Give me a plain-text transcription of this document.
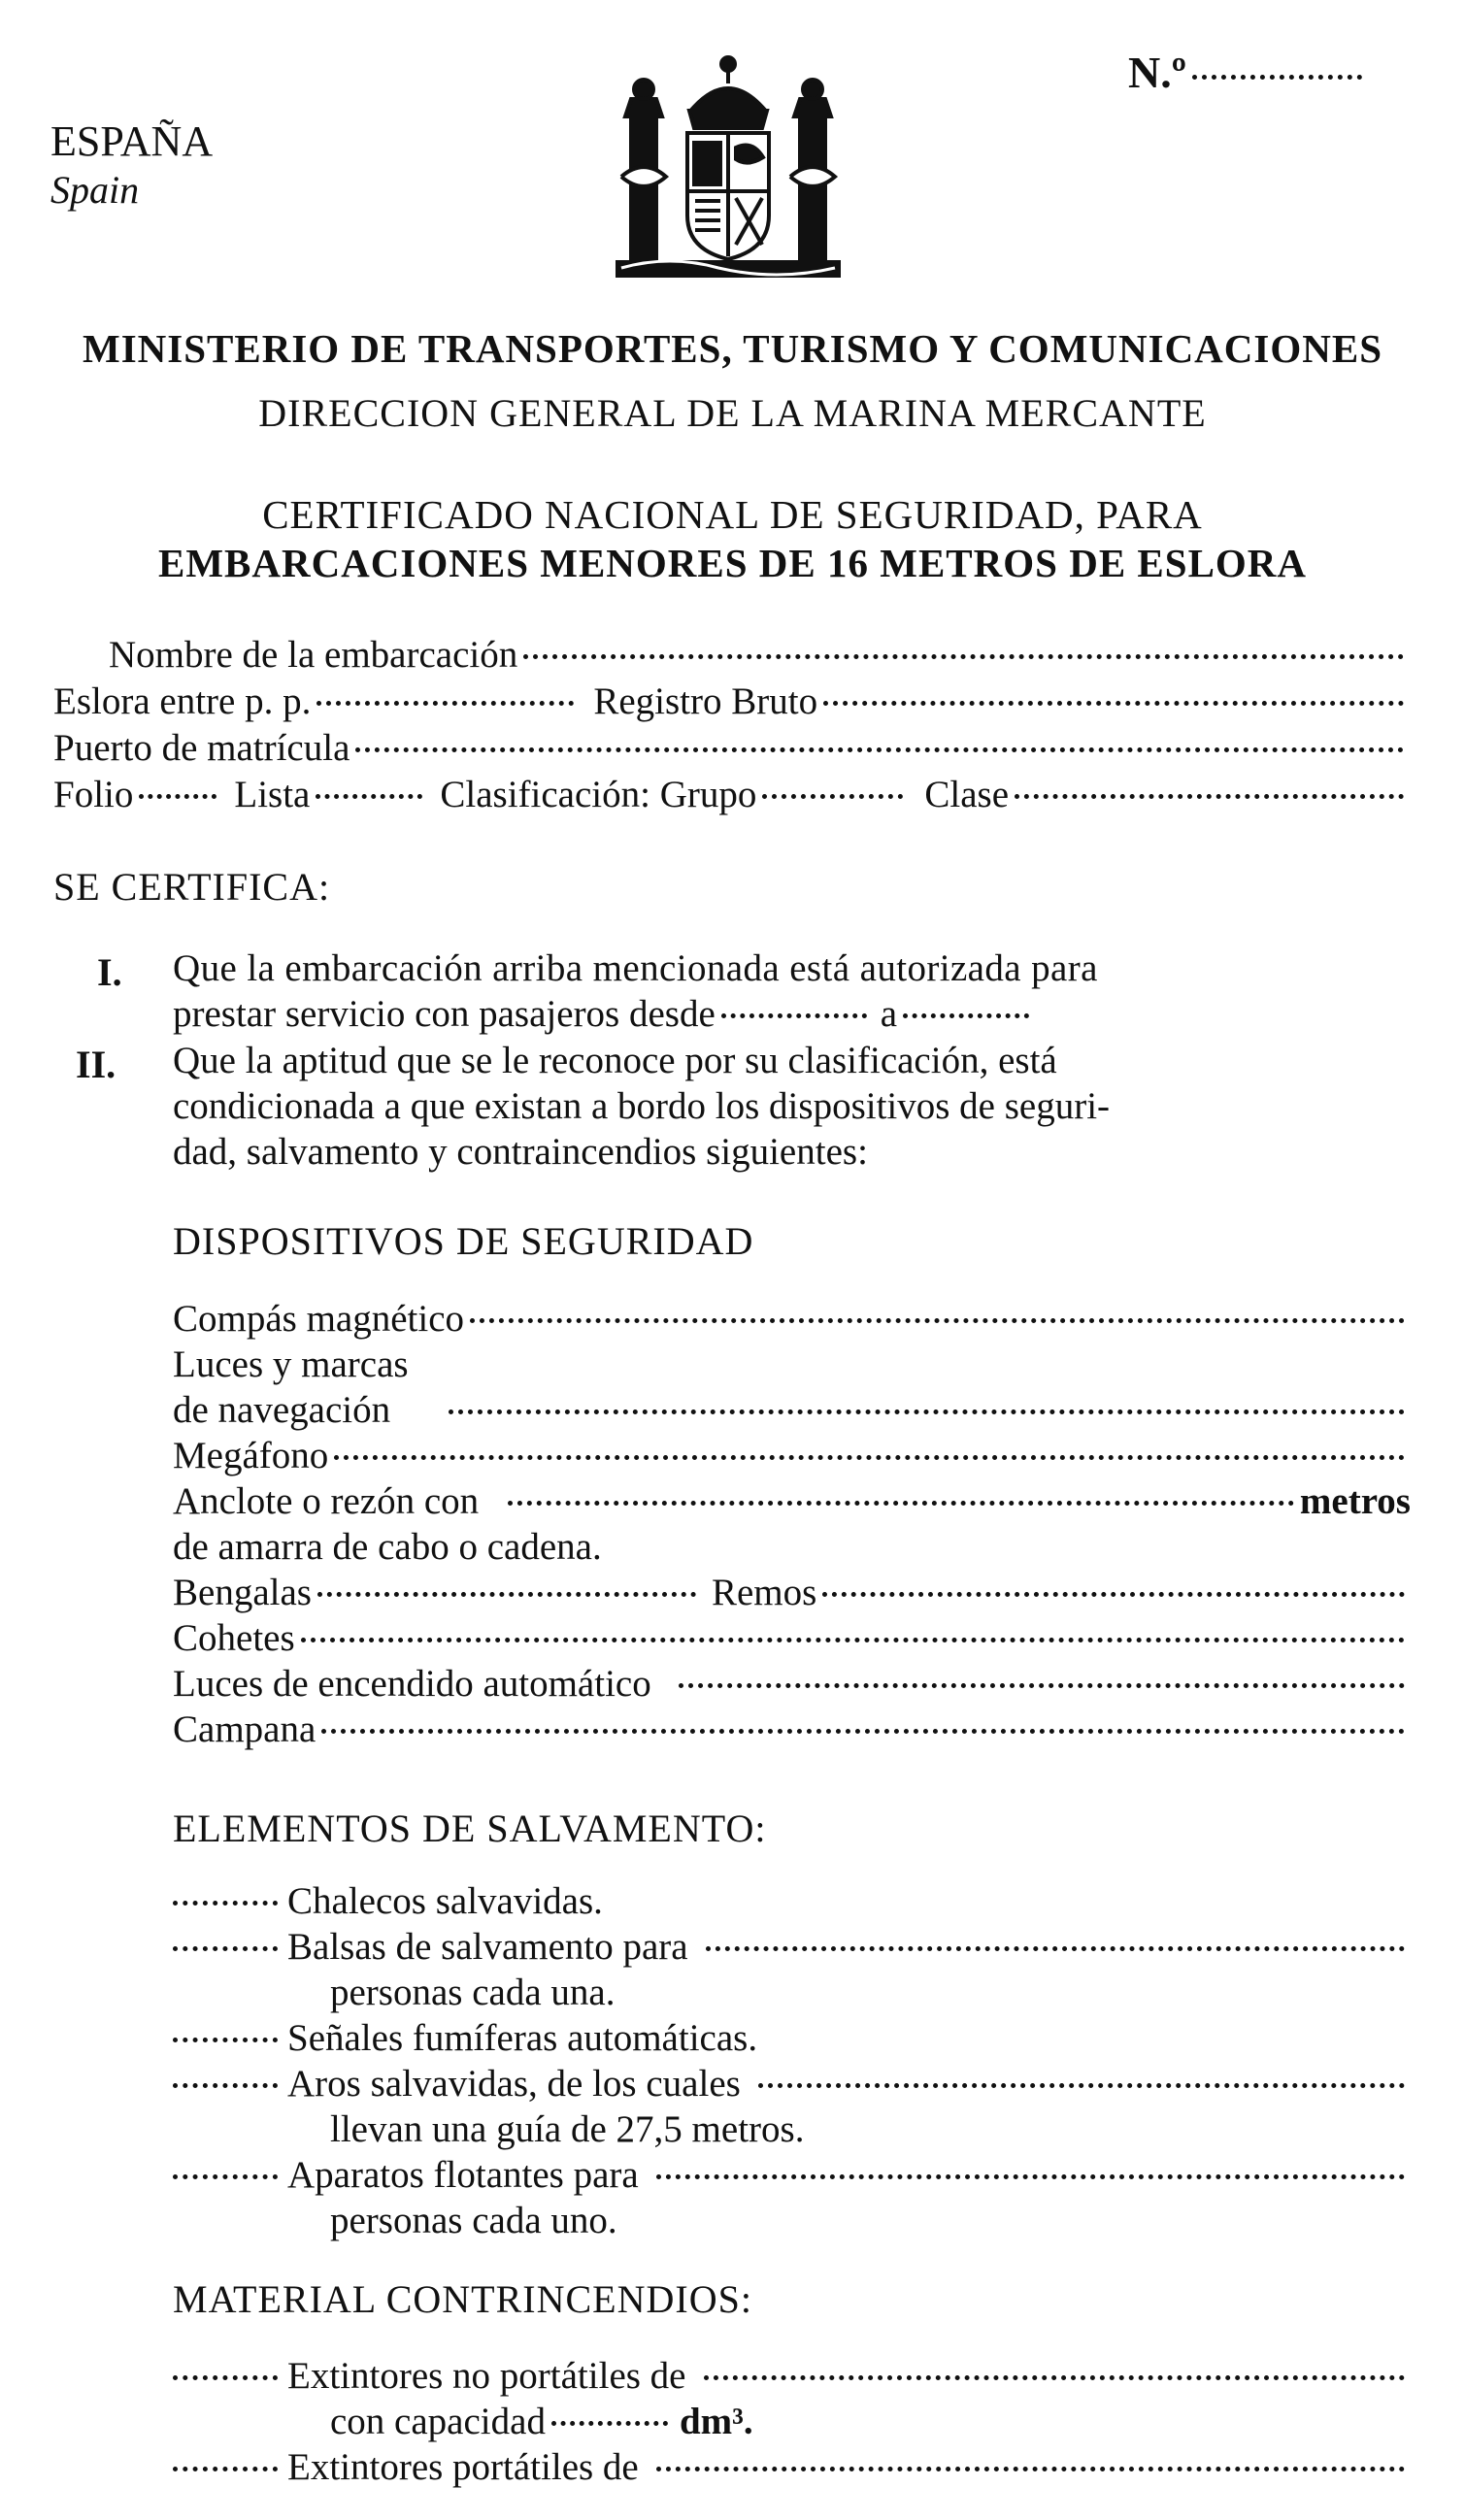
ESPAÑA
Spain
N.º
MINISTERIO DE TRANSPORTES, TURISMO Y COMUNICACIONES
DIRECCION GENERAL DE LA MARINA MERCANTE
CERTIFICADO NACIONAL DE SEGURIDAD, PARA
EMBARCACIONES MENORES DE 16 METROS DE ESLORA
Nombre de la embarcación
Eslora entre p. p.	Registro Bruto
Puerto de matrícula
Folio	Lista	Clasificación: Grupo	Clase
SE CERTIFICA:
I. Que la embarcación arriba mencionada está autorizada para
prestar servicio con pasajeros desde	a
II. Que la aptitud que se le reconoce por su clasificación, está
condicionada a que existan a bordo los dispositivos de seguri-
dad, salvamento y contraincendios siguientes:
DISPOSITIVOS DE SEGURIDAD
Compás magnético
Luces y marcas
de navegación
Megáfono
Anclote o rezón con	metros
de amarra de cabo o cadena.
Bengalas	Remos
Cohetes
Luces de encendido automático
Campana
ELEMENTOS DE SALVAMENTO:
Chalecos salvavidas.
Balsas de salvamento para
personas cada una.
Señales fumíferas automáticas.
Aros salvavidas, de los cuales
llevan una guía de 27,5 metros.
Aparatos flotantes para
personas cada uno.
MATERIAL CONTRINCENDIOS:
Extintores no portátiles de
con capacidad	dm³.
Extintores portátiles de
